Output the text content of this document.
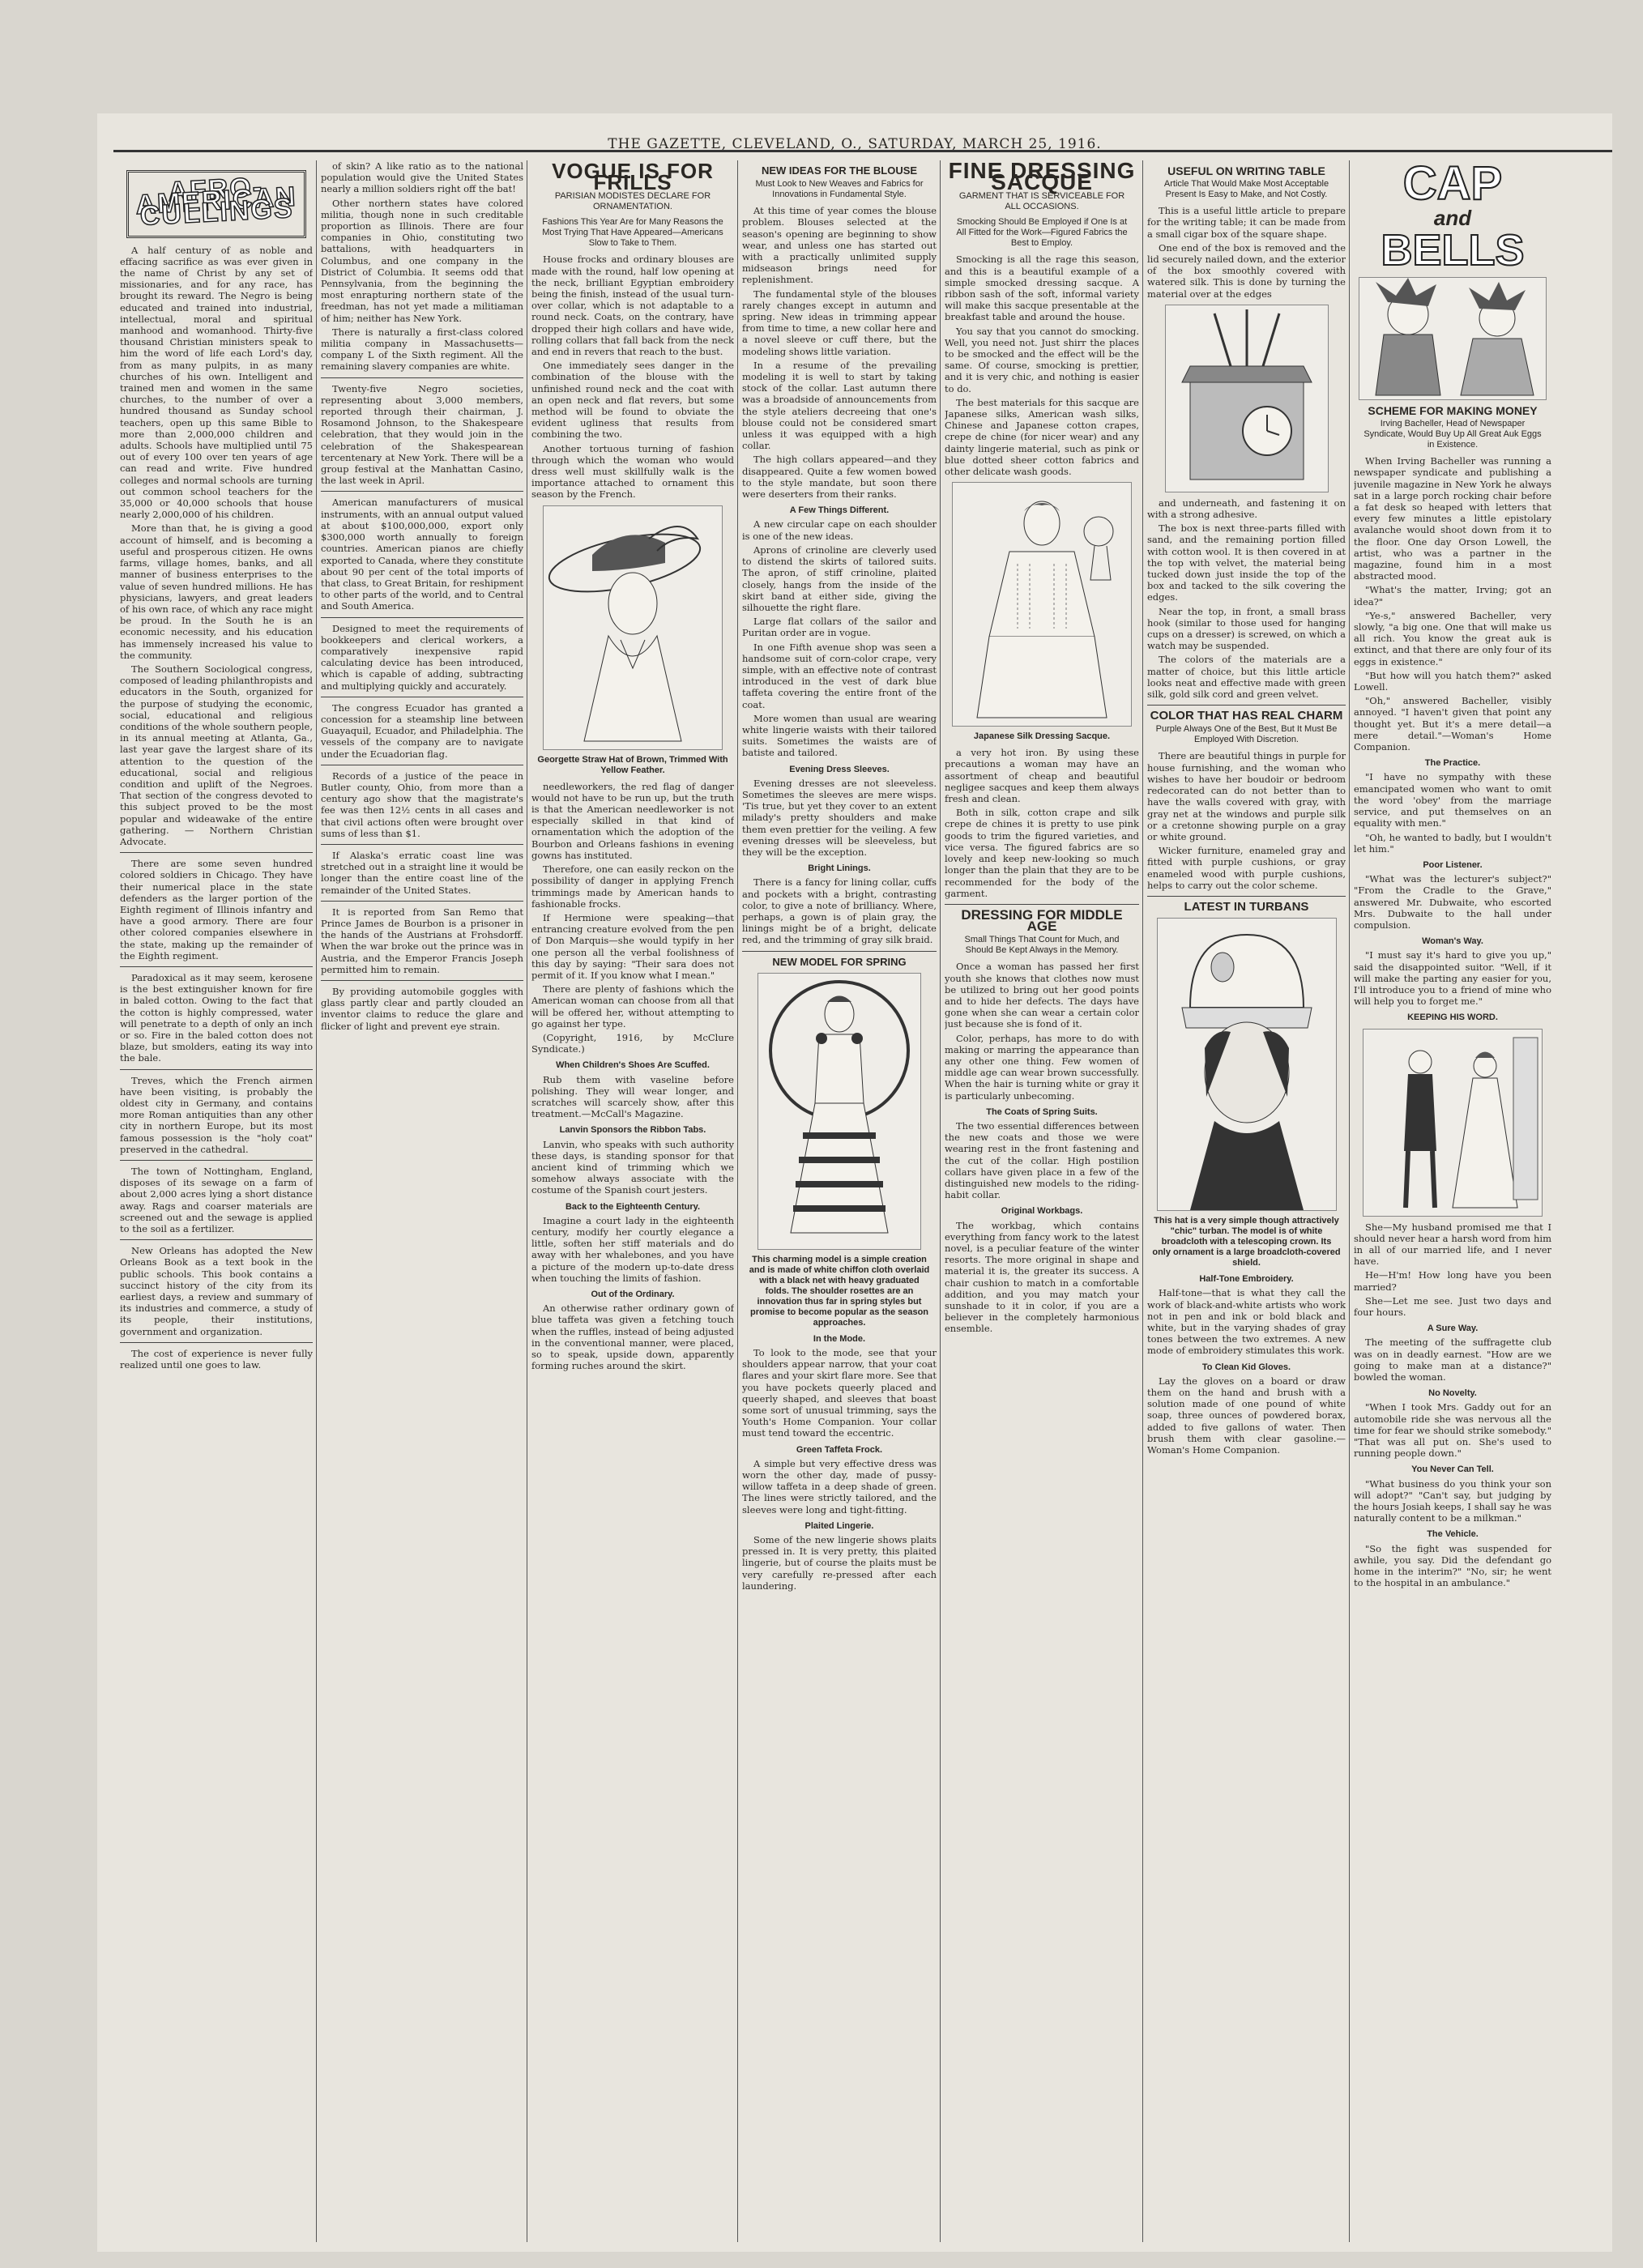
THE GAZETTE, CLEVELAND, O., SATURDAY, MARCH 25, 1916.
AFRO-AMERICAN CULLINGS

A half century of as noble and effacing sacrifice as was ever given in the name of Christ by any set of missionaries, and for any race, has brought its reward. The Negro is being educated and trained into industrial, intellectual, moral and spiritual manhood and womanhood. Thirty-five thousand Christian ministers speak to him the word of life each Lord's day, from as many pulpits, in as many churches of his own. Intelligent and trained men and women in the same churches, to the number of over a hundred thousand as Sunday school teachers, open up this same Bible to more than 2,000,000 children and adults. Schools have multiplied until 75 out of every 100 over ten years of age can read and write. Five hundred colleges and normal schools are turning out common school teachers for the 35,000 or 40,000 schools that house nearly 2,000,000 of his children.

More than that, he is giving a good account of himself, and is becoming a useful and prosperous citizen. He owns farms, village homes, banks, and all manner of business enterprises to the value of seven hundred millions. He has physicians, lawyers, and great leaders of his own race, of which any race might be proud. In the South he is an economic necessity, and his education has immensely increased his value to the community.

The Southern Sociological congress, composed of leading philanthropists and educators in the South, organized for the purpose of studying the economic, social, educational and religious conditions of the whole southern people, in its annual meeting at Atlanta, Ga., last year gave the largest share of its attention to the question of the educational, social and religious condition and uplift of the Negroes. That section of the congress devoted to this subject proved to be the most popular and wideawake of the entire gathering. — Northern Christian Advocate.

There are some seven hundred colored soldiers in Chicago. They have their numerical place in the state defenders as the larger portion of the Eighth regiment of Illinois infantry and have a good armory. There are four other colored companies elsewhere in the state, making up the remainder of the Eighth regiment.

Paradoxical as it may seem, kerosene is the best extinguisher known for fire in baled cotton. Owing to the fact that the cotton is highly compressed, water will penetrate to a depth of only an inch or so. Fire in the baled cotton does not blaze, but smolders, eating its way into the bale.

Treves, which the French airmen have been visiting, is probably the oldest city in Germany, and contains more Roman antiquities than any other city in northern Europe, but its most famous possession is the "holy coat" preserved in the cathedral.

The town of Nottingham, England, disposes of its sewage on a farm of about 2,000 acres lying a short distance away. Rags and coarser materials are screened out and the sewage is applied to the soil as a fertilizer.

New Orleans has adopted the New Orleans Book as a text book in the public schools. This book contains a succinct history of the city from its earliest days, a review and summary of its industries and commerce, a study of its people, their institutions, government and organization.

The cost of experience is never fully realized until one goes to law.

of skin? A like ratio as to the national population would give the United States nearly a million soldiers right off the bat!

Other northern states have colored militia, though none in such creditable proportion as Illinois. There are four companies in Ohio, constituting two battalions, with headquarters in Columbus, and one company in the District of Columbia. It seems odd that Pennsylvania, from the beginning the most enrapturing northern state of the freedman, has not yet made a militiaman of him; neither has New York.

There is naturally a first-class colored militia company in Massachusetts—company L of the Sixth regiment. All the remaining slavery companies are white.

Twenty-five Negro societies, representing about 3,000 members, reported through their chairman, J. Rosamond Johnson, to the Shakespeare celebration, that they would join in the celebration of the Shakespearean tercentenary at New York. There will be a group festival at the Manhattan Casino, the last week in April.

American manufacturers of musical instruments, with an annual output valued at about $100,000,000, export only $300,000 worth annually to foreign countries. American pianos are chiefly exported to Canada, where they constitute about 90 per cent of the total imports of that class, to Great Britain, for reshipment to other parts of the world, and to Central and South America.

Designed to meet the requirements of bookkeepers and clerical workers, a comparatively inexpensive rapid calculating device has been introduced, which is capable of adding, subtracting and multiplying quickly and accurately.

The congress Ecuador has granted a concession for a steamship line between Guayaquil, Ecuador, and Philadelphia. The vessels of the company are to navigate under the Ecuadorian flag.

Records of a justice of the peace in Butler county, Ohio, from more than a century ago show that the magistrate's fee was then 12½ cents in all cases and that civil actions often were brought over sums of less than $1.

If Alaska's erratic coast line was stretched out in a straight line it would be longer than the entire coast line of the remainder of the United States.

It is reported from San Remo that Prince James de Bourbon is a prisoner in the hands of the Austrians at Frohsdorff. When the war broke out the prince was in Austria, and the Emperor Francis Joseph permitted him to remain.

By providing automobile goggles with glass partly clear and partly clouded an inventor claims to reduce the glare and flicker of light and prevent eye strain.

VOGUE IS FOR FRILLS
PARISIAN MODISTES DECLARE FOR ORNAMENTATION.
Fashions This Year Are for Many Reasons the Most Trying That Have Appeared—Americans Slow to Take to Them.

House frocks and ordinary blouses are made with the round, half low opening at the neck, brilliant Egyptian embroidery being the finish, instead of the usual turn-over collar, which is not adaptable to a round neck. Coats, on the contrary, have dropped their high collars and have wide, rolling collars that fall back from the neck and end in revers that reach to the bust.

One immediately sees danger in the combination of the blouse with the unfinished round neck and the coat with an open neck and flat revers, but some method will be found to obviate the evident ugliness that results from combining the two.

Another tortuous turning of fashion through which the woman who would dress well must skillfully walk is the importance attached to ornament this season by the French.

Georgette Straw Hat of Brown, Trimmed With Yellow Feather.

needleworkers, the red flag of danger would not have to be run up, but the truth is that the American needleworker is not especially skilled in that kind of ornamentation which the adoption of the Bourbon and Orleans fashions in evening gowns has instituted.

Therefore, one can easily reckon on the possibility of danger in applying French trimmings made by American hands to fashionable frocks.

If Hermione were speaking—that entrancing creature evolved from the pen of Don Marquis—she would typify in her one person all the verbal foolishness of this day by saying: "Their sara does not permit of it. If you know what I mean."

There are plenty of fashions which the American woman can choose from all that will be offered her, without attempting to go against her type.

(Copyright, 1916, by McClure Syndicate.)

When Children's Shoes Are Scuffed.

Rub them with vaseline before polishing. They will wear longer, and scratches will scarcely show, after this treatment.—McCall's Magazine.

Lanvin Sponsors the Ribbon Tabs.

Lanvin, who speaks with such authority these days, is standing sponsor for that ancient kind of trimming which we somehow always associate with the costume of the Spanish court jesters.

Back to the Eighteenth Century.

Imagine a court lady in the eighteenth century, modify her courtly elegance a little, soften her stiff materials and do away with her whalebones, and you have a picture of the modern up-to-date dress when touching the limits of fashion.

Out of the Ordinary.

An otherwise rather ordinary gown of blue taffeta was given a fetching touch when the ruffles, instead of being adjusted in the conventional manner, were placed, so to speak, upside down, apparently forming ruches around the skirt.

NEW IDEAS FOR THE BLOUSE
Must Look to New Weaves and Fabrics for Innovations in Fundamental Style.

At this time of year comes the blouse problem. Blouses selected at the season's opening are beginning to show wear, and unless one has started out with a practically unlimited supply midseason brings need for replenishment.

The fundamental style of the blouses rarely changes except in autumn and spring. New ideas in trimming appear from time to time, a new collar here and a novel sleeve or cuff there, but the modeling shows little variation.

In a resume of the prevailing modeling it is well to start by taking stock of the collar. Last autumn there was a broadside of announcements from the style ateliers decreeing that one's blouse could not be considered smart unless it was equipped with a high collar.

The high collars appeared—and they disappeared. Quite a few women bowed to the style mandate, but soon there were deserters from their ranks.

A Few Things Different.

A new circular cape on each shoulder is one of the new ideas.

Aprons of crinoline are cleverly used to distend the skirts of tailored suits. The apron, of stiff crinoline, plaited closely, hangs from the inside of the skirt band at either side, giving the silhouette the right flare.

Large flat collars of the sailor and Puritan order are in vogue.

In one Fifth avenue shop was seen a handsome suit of corn-color crape, very simple, with an effective note of contrast introduced in the vest of dark blue taffeta covering the entire front of the coat.

More women than usual are wearing white lingerie waists with their tailored suits. Sometimes the waists are of batiste and tailored.

Evening Dress Sleeves.

Evening dresses are not sleeveless. Sometimes the sleeves are mere wisps. 'Tis true, but yet they cover to an extent milady's pretty shoulders and make them even prettier for the veiling. A few evening dresses will be sleeveless, but they will be the exception.

Bright Linings.

There is a fancy for lining collar, cuffs and pockets with a bright, contrasting color, to give a note of brilliancy. Where, perhaps, a gown is of plain gray, the linings might be of a bright, delicate red, and the trimming of gray silk braid.

NEW MODEL FOR SPRING
This charming model is a simple creation and is made of white chiffon cloth overlaid with a black net with heavy graduated folds. The shoulder rosettes are an innovation thus far in spring styles but promise to become popular as the season approaches.
In the Mode.

To look to the mode, see that your shoulders appear narrow, that your coat flares and your skirt flare more. See that you have pockets queerly placed and queerly shaped, and sleeves that boast some sort of unusual trimming, says the Youth's Home Companion. Your collar must tend toward the eccentric.

Green Taffeta Frock.

A simple but very effective dress was worn the other day, made of pussy-willow taffeta in a deep shade of green. The lines were strictly tailored, and the sleeves were long and tight-fitting.

Plaited Lingerie.

Some of the new lingerie shows plaits pressed in. It is very pretty, this plaited lingerie, but of course the plaits must be very carefully re-pressed after each laundering.

FINE DRESSING SACQUE
GARMENT THAT IS SERVICEABLE FOR ALL OCCASIONS.
Smocking Should Be Employed if One Is at All Fitted for the Work—Figured Fabrics the Best to Employ.

Smocking is all the rage this season, and this is a beautiful example of a simple smocked dressing sacque. A ribbon sash of the soft, informal variety will make this sacque presentable at the breakfast table and around the house.

You say that you cannot do smocking. Well, you need not. Just shirr the places to be smocked and the effect will be the same. Of course, smocking is prettier, and it is very chic, and nothing is easier to do.

The best materials for this sacque are Japanese silks, American wash silks, Chinese and Japanese cotton crapes, crepe de chine (for nicer wear) and any dainty lingerie material, such as pink or blue dotted sheer cotton fabrics and other delicate wash goods.

Japanese Silk Dressing Sacque.

a very hot iron. By using these precautions a woman may have an assortment of cheap and beautiful negligee sacques and keep them always fresh and clean.

Both in silk, cotton crape and silk crepe de chines it is pretty to use pink goods to trim the figured varieties, and vice versa. The figured fabrics are so lovely and keep new-looking so much longer than the plain that they are to be recommended for the body of the garment.

DRESSING FOR MIDDLE AGE
Small Things That Count for Much, and Should Be Kept Always in the Memory.

Once a woman has passed her first youth she knows that clothes now must be utilized to bring out her good points and to hide her defects. The days have gone when she can wear a certain color just because she is fond of it.

Color, perhaps, has more to do with making or marring the appearance than any other one thing. Few women of middle age can wear brown successfully. When the hair is turning white or gray it is particularly unbecoming.

The Coats of Spring Suits.

The two essential differences between the new coats and those we were wearing rest in the front fastening and the cut of the collar. High postilion collars have given place in a few of the distinguished new models to the riding-habit collar.

Original Workbags.

The workbag, which contains everything from fancy work to the latest novel, is a peculiar feature of the winter resorts. The more original in shape and material it is, the greater its success. A chair cushion to match in a comfortable addition, and you may match your sunshade to it in color, if you are a believer in the completely harmonious ensemble.

USEFUL ON WRITING TABLE
Article That Would Make Most Acceptable Present Is Easy to Make, and Not Costly.

This is a useful little article to prepare for the writing table; it can be made from a small cigar box of the square shape.

One end of the box is removed and the lid securely nailed down, and the exterior of the box smoothly covered with watered silk. This is done by turning the material over at the edges

and underneath, and fastening it on with a strong adhesive.

The box is next three-parts filled with sand, and the remaining portion filled with cotton wool. It is then covered in at the top with velvet, the material being tucked down just inside the top of the box and tacked to the silk covering the edges.

Near the top, in front, a small brass hook (similar to those used for hanging cups on a dresser) is screwed, on which a watch may be suspended.

The colors of the materials are a matter of choice, but this little article looks neat and effective made with green silk, gold silk cord and green velvet.

COLOR THAT HAS REAL CHARM
Purple Always One of the Best, But It Must Be Employed With Discretion.

There are beautiful things in purple for house furnishing, and the woman who wishes to have her boudoir or bedroom redecorated can do not better than to have the walls covered with gray, with gray net at the windows and purple silk or a cretonne showing purple on a gray or white ground.

Wicker furniture, enameled gray and fitted with purple cushions, or gray enameled wood with purple cushions, helps to carry out the color scheme.

LATEST IN TURBANS
This hat is a very simple though attractively "chic" turban. The model is of white broadcloth with a telescoping crown. Its only ornament is a large broadcloth-covered shield.
Half-Tone Embroidery.

Half-tone—that is what they call the work of black-and-white artists who work not in pen and ink or bold black and white, but in the varying shades of gray tones between the two extremes. A new mode of embroidery stimulates this work.

To Clean Kid Gloves.

Lay the gloves on a board or draw them on the hand and brush with a solution made of one pound of white soap, three ounces of powdered borax, added to five gallons of water. Then brush them with clear gasoline.—Woman's Home Companion.

CAP
and
BELLS
SCHEME FOR MAKING MONEY
Irving Bacheller, Head of Newspaper Syndicate, Would Buy Up All Great Auk Eggs in Existence.

When Irving Bacheller was running a newspaper syndicate and publishing a juvenile magazine in New York he always sat in a large porch rocking chair before a fat desk so heaped with letters that every few minutes a little epistolary avalanche would shoot down from it to the floor. One day Orson Lowell, the artist, who was a partner in the magazine, found him in a most abstracted mood.

"What's the matter, Irving; got an idea?"

"Ye-s," answered Bacheller, very slowly, "a big one. One that will make us all rich. You know the great auk is extinct, and that there are only four of its eggs in existence."

"But how will you hatch them?" asked Lowell.

"Oh," answered Bacheller, visibly annoyed. "I haven't given that point any thought yet. But it's a mere detail—a mere detail."—Woman's Home Companion.

The Practice.

"I have no sympathy with these emancipated women who want to omit the word 'obey' from the marriage service, and put themselves on an equality with men."

"Oh, he wanted to badly, but I wouldn't let him."

Poor Listener.

"What was the lecturer's subject?" "From the Cradle to the Grave," answered Mr. Dubwaite, who escorted Mrs. Dubwaite to the hall under compulsion.

Woman's Way.

"I must say it's hard to give you up," said the disappointed suitor. "Well, if it will make the parting any easier for you, I'll introduce you to a friend of mine who will help you to forget me."

KEEPING HIS WORD.

She—My husband promised me that I should never hear a harsh word from him in all of our married life, and I never have.

He—H'm! How long have you been married?

She—Let me see. Just two days and four hours.

A Sure Way.

The meeting of the suffragette club was on in deadly earnest. "How are we going to make man at a distance?" bowled the woman.

No Novelty.

"When I took Mrs. Gaddy out for an automobile ride she was nervous all the time for fear we should strike somebody." "That was all put on. She's used to running people down."

You Never Can Tell.

"What business do you think your son will adopt?" "Can't say, but judging by the hours Josiah keeps, I shall say he was naturally content to be a milkman."

The Vehicle.

"So the fight was suspended for awhile, you say. Did the defendant go home in the interim?" "No, sir; he went to the hospital in an ambulance."
